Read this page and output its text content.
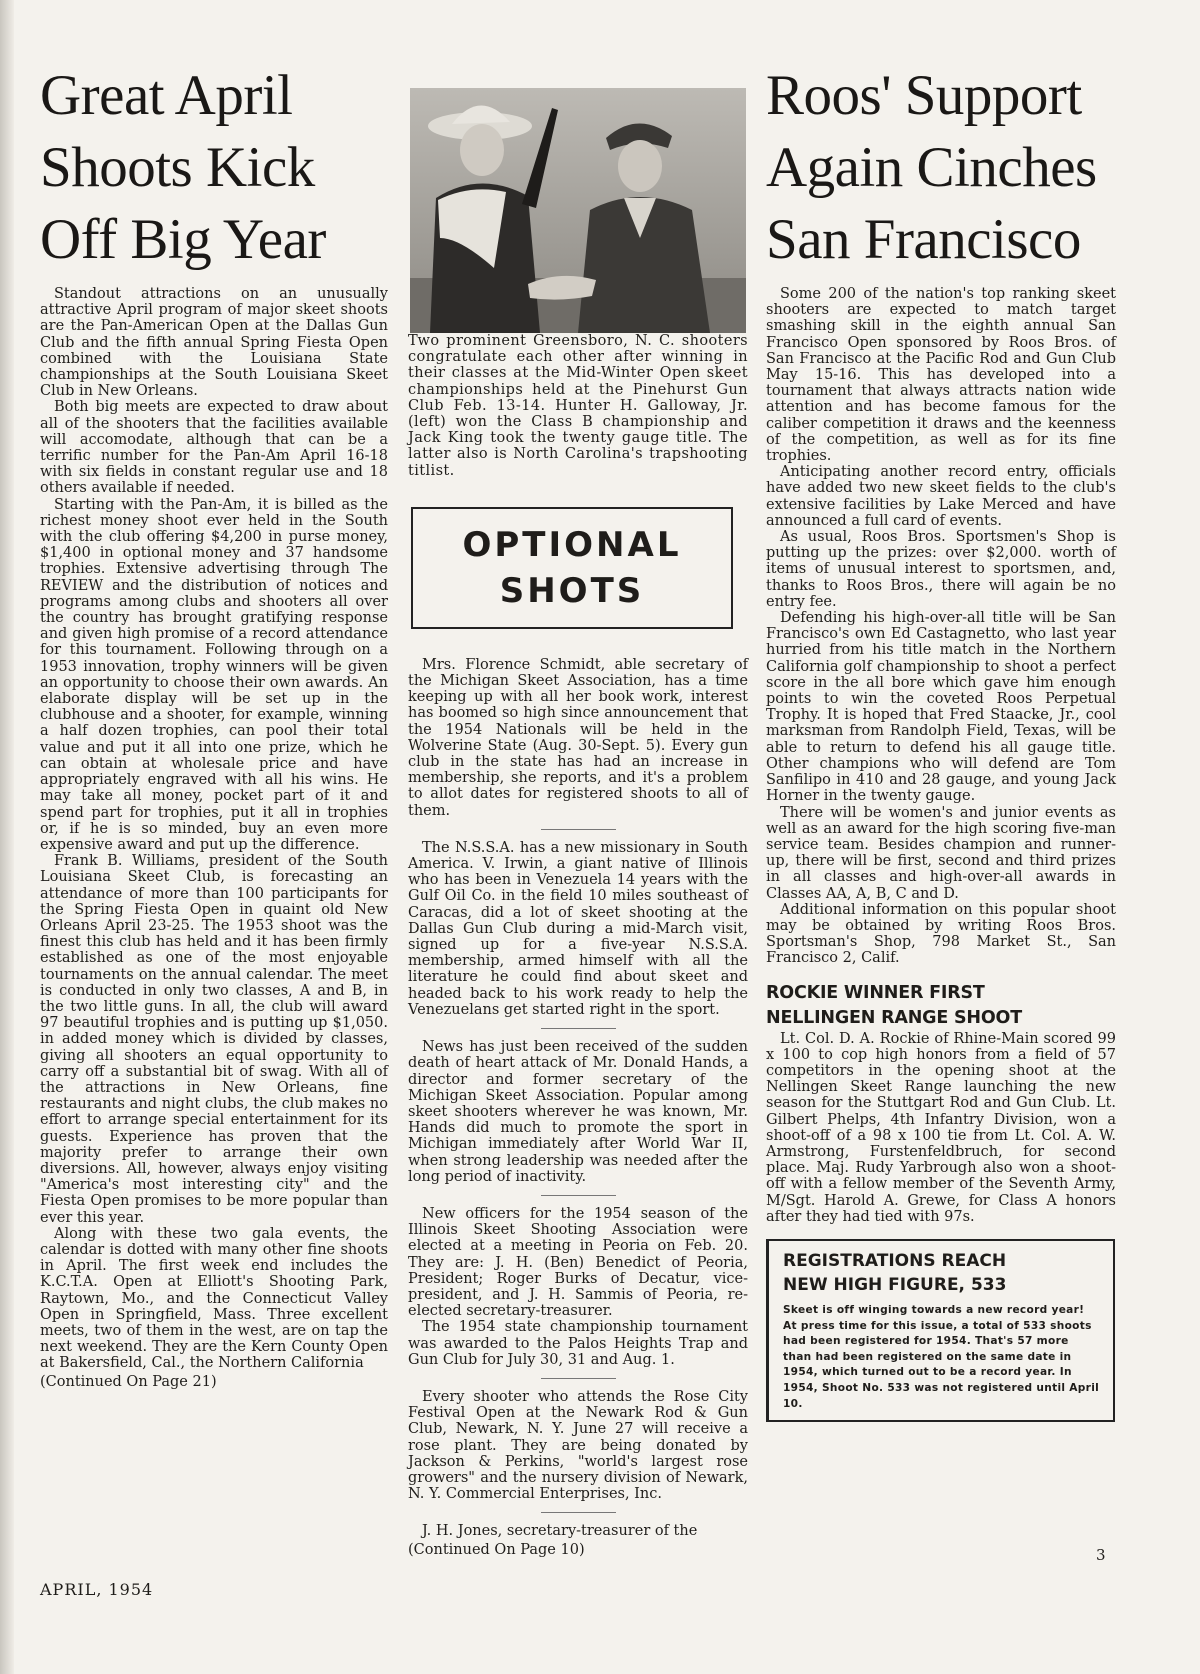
Great April
Shoots Kick
Off Big Year

Standout attractions on an unusually attractive April program of major skeet shoots are the Pan-American Open at the Dallas Gun Club and the fifth annual Spring Fiesta Open combined with the Louisiana State championships at the South Louisiana Skeet Club in New Orleans.

Both big meets are expected to draw about all of the shooters that the facilities available will accomodate, although that can be a terrific number for the Pan-Am April 16-18 with six fields in constant regular use and 18 others available if needed.

Starting with the Pan-Am, it is billed as the richest money shoot ever held in the South with the club offering $4,200 in purse money, $1,400 in optional money and 37 handsome trophies. Extensive advertising through The REVIEW and the distribution of notices and programs among clubs and shooters all over the country has brought gratifying response and given high promise of a record attendance for this tournament. Following through on a 1953 innovation, trophy winners will be given an opportunity to choose their own awards. An elaborate display will be set up in the clubhouse and a shooter, for example, winning a half dozen trophies, can pool their total value and put it all into one prize, which he can obtain at wholesale price and have appropriately engraved with all his wins. He may take all money, pocket part of it and spend part for trophies, put it all in trophies or, if he is so minded, buy an even more expensive award and put up the difference.

Frank B. Williams, president of the South Louisiana Skeet Club, is forecasting an attendance of more than 100 participants for the Spring Fiesta Open in quaint old New Orleans April 23-25. The 1953 shoot was the finest this club has held and it has been firmly established as one of the most enjoyable tournaments on the annual calendar. The meet is conducted in only two classes, A and B, in the two little guns. In all, the club will award 97 beautiful trophies and is putting up $1,050. in added money which is divided by classes, giving all shooters an equal opportunity to carry off a substantial bit of swag. With all of the attractions in New Orleans, fine restaurants and night clubs, the club makes no effort to arrange special entertainment for its guests. Experience has proven that the majority prefer to arrange their own diversions. All, however, always enjoy visiting "America's most interesting city" and the Fiesta Open promises to be more popular than ever this year.

Along with these two gala events, the calendar is dotted with many other fine shoots in April. The first week end includes the K.C.T.A. Open at Elliott's Shooting Park, Raytown, Mo., and the Connecticut Valley Open in Springfield, Mass. Three excellent meets, two of them in the west, are on tap the next weekend. They are the Kern County Open at Bakersfield, Cal., the Northern California

(Continued On Page 21)

Two prominent Greensboro, N. C. shooters congratulate each other after winning in their classes at the Mid-Winter Open skeet championships held at the Pinehurst Gun Club Feb. 13-14. Hunter H. Galloway, Jr. (left) won the Class B championship and Jack King took the twenty gauge title. The latter also is North Carolina's trapshooting titlist.

OPTIONAL
SHOTS

Mrs. Florence Schmidt, able secretary of the Michigan Skeet Association, has a time keeping up with all her book work, interest has boomed so high since announcement that the 1954 Nationals will be held in the Wolverine State (Aug. 30-Sept. 5). Every gun club in the state has had an increase in membership, she reports, and it's a problem to allot dates for registered shoots to all of them.

The N.S.S.A. has a new missionary in South America. V. Irwin, a giant native of Illinois who has been in Venezuela 14 years with the Gulf Oil Co. in the field 10 miles southeast of Caracas, did a lot of skeet shooting at the Dallas Gun Club during a mid-March visit, signed up for a five-year N.S.S.A. membership, armed himself with all the literature he could find about skeet and headed back to his work ready to help the Venezuelans get started right in the sport.

News has just been received of the sudden death of heart attack of Mr. Donald Hands, a director and former secretary of the Michigan Skeet Association. Popular among skeet shooters wherever he was known, Mr. Hands did much to promote the sport in Michigan immediately after World War II, when strong leadership was needed after the long period of inactivity.

New officers for the 1954 season of the Illinois Skeet Shooting Association were elected at a meeting in Peoria on Feb. 20. They are: J. H. (Ben) Benedict of Peoria, President; Roger Burks of Decatur, vice-president, and J. H. Sammis of Peoria, re-elected secretary-treasurer.

The 1954 state championship tournament was awarded to the Palos Heights Trap and Gun Club for July 30, 31 and Aug. 1.

Every shooter who attends the Rose City Festival Open at the Newark Rod & Gun Club, Newark, N. Y. June 27 will receive a rose plant. They are being donated by Jackson & Perkins, "world's largest rose growers" and the nursery division of Newark, N. Y. Commercial Enterprises, Inc.

J. H. Jones, secretary-treasurer of the

(Continued On Page 10)

Roos' Support
Again Cinches
San Francisco

Some 200 of the nation's top ranking skeet shooters are expected to match target smashing skill in the eighth annual San Francisco Open sponsored by Roos Bros. of San Francisco at the Pacific Rod and Gun Club May 15-16. This has developed into a tournament that always attracts nation wide attention and has become famous for the caliber competition it draws and the keenness of the competition, as well as for its fine trophies.

Anticipating another record entry, officials have added two new skeet fields to the club's extensive facilities by Lake Merced and have announced a full card of events.

As usual, Roos Bros. Sportsmen's Shop is putting up the prizes: over $2,000. worth of items of unusual interest to sportsmen, and, thanks to Roos Bros., there will again be no entry fee.

Defending his high-over-all title will be San Francisco's own Ed Castagnetto, who last year hurried from his title match in the Northern California golf championship to shoot a perfect score in the all bore which gave him enough points to win the coveted Roos Perpetual Trophy. It is hoped that Fred Staacke, Jr., cool marksman from Randolph Field, Texas, will be able to return to defend his all gauge title. Other champions who will defend are Tom Sanfilipo in 410 and 28 gauge, and young Jack Horner in the twenty gauge.

There will be women's and junior events as well as an award for the high scoring five-man service team. Besides champion and runner-up, there will be first, second and third prizes in all classes and high-over-all awards in Classes AA, A, B, C and D.

Additional information on this popular shoot may be obtained by writing Roos Bros. Sportsman's Shop, 798 Market St., San Francisco 2, Calif.

ROCKIE WINNER FIRST
NELLINGEN RANGE SHOOT

Lt. Col. D. A. Rockie of Rhine-Main scored 99 x 100 to cop high honors from a field of 57 competitors in the opening shoot at the Nellingen Skeet Range launching the new season for the Stuttgart Rod and Gun Club. Lt. Gilbert Phelps, 4th Infantry Division, won a shoot-off of a 98 x 100 tie from Lt. Col. A. W. Armstrong, Furstenfeldbruch, for second place. Maj. Rudy Yarbrough also won a shoot-off with a fellow member of the Seventh Army, M/Sgt. Harold A. Grewe, for Class A honors after they had tied with 97s.

REGISTRATIONS REACH
NEW HIGH FIGURE, 533

Skeet is off winging towards a new record year!

At press time for this issue, a total of 533 shoots had been registered for 1954. That's 57 more than had been registered on the same date in 1954, which turned out to be a record year. In 1954, Shoot No. 533 was not registered until April 10.

APRIL, 1954
3
